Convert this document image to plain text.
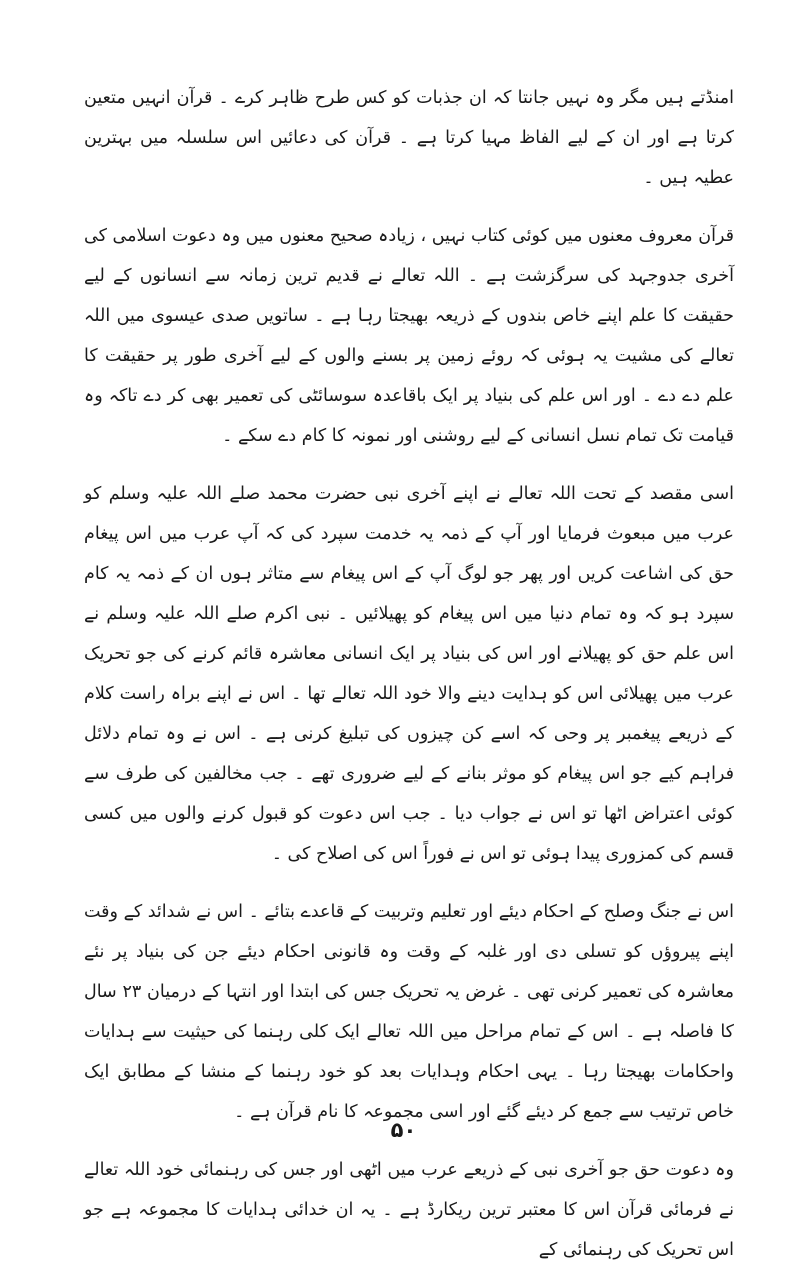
امنڈتے ہیں مگر وہ نہیں جانتا کہ ان جذبات کو کس طرح ظاہر کرے ۔ قرآن انہیں متعین کرتا ہے اور ان کے لیے الفاظ مہیا کرتا ہے ۔ قرآن کی دعائیں اس سلسلہ میں بہترین عطیہ ہیں ۔

قرآن معروف معنوں میں کوئی کتاب نہیں ، زیادہ صحیح معنوں میں وہ دعوت اسلامی کی آخری جدوجہد کی سرگزشت ہے ۔ اللہ تعالے نے قدیم ترین زمانہ سے انسانوں کے لیے حقیقت کا علم اپنے خاص بندوں کے ذریعہ بھیجتا رہا ہے ۔ ساتویں صدی عیسوی میں اللہ تعالے کی مشیت یہ ہوئی کہ روئے زمین پر بسنے والوں کے لیے آخری طور پر حقیقت کا علم دے دے ۔ اور اس علم کی بنیاد پر ایک باقاعدہ سوسائٹی کی تعمیر بھی کر دے تاکہ وہ قیامت تک تمام نسل انسانی کے لیے روشنی اور نمونہ کا کام دے سکے ۔

اسی مقصد کے تحت اللہ تعالے نے اپنے آخری نبی حضرت محمد صلے اللہ علیہ وسلم کو عرب میں مبعوث فرمایا اور آپ کے ذمہ یہ خدمت سپرد کی کہ آپ عرب میں اس پیغام حق کی اشاعت کریں اور پھر جو لوگ آپ کے اس پیغام سے متاثر ہوں ان کے ذمہ یہ کام سپرد ہو کہ وہ تمام دنیا میں اس پیغام کو پھیلائیں ۔ نبی اکرم صلے اللہ علیہ وسلم نے اس علم حق کو پھیلانے اور اس کی بنیاد پر ایک انسانی معاشرہ قائم کرنے کی جو تحریک عرب میں پھیلائی اس کو ہدایت دینے والا خود اللہ تعالے تھا ۔ اس نے اپنے براہ راست کلام کے ذریعے پیغمبر پر وحی کہ اسے کن چیزوں کی تبلیغ کرنی ہے ۔ اس نے وہ تمام دلائل فراہم کیے جو اس پیغام کو موثر بنانے کے لیے ضروری تھے ۔ جب مخالفین کی طرف سے کوئی اعتراض اٹھا تو اس نے جواب دیا ۔ جب اس دعوت کو قبول کرنے والوں میں کسی قسم کی کمزوری پیدا ہوئی تو اس نے فوراً اس کی اصلاح کی ۔

اس نے جنگ وصلح کے احکام دیئے اور تعلیم وتربیت کے قاعدے بتائے ۔ اس نے شدائد کے وقت اپنے پیروؤں کو تسلی دی اور غلبہ کے وقت وہ قانونی احکام دیئے جن کی بنیاد پر نئے معاشرہ کی تعمیر کرنی تھی ۔ غرض یہ تحریک جس کی ابتدا اور انتہا کے درمیان ۲۳ سال کا فاصلہ ہے ۔ اس کے تمام مراحل میں اللہ تعالے ایک کلی رہنما کی حیثیت سے ہدایات واحکامات بھیجتا رہا ۔ یہی احکام وہدایات بعد کو خود رہنما کے منشا کے مطابق ایک خاص ترتیب سے جمع کر دیئے گئے اور اسی مجموعہ کا نام قرآن ہے ۔

وہ دعوت حق جو آخری نبی کے ذریعے عرب میں اٹھی اور جس کی رہنمائی خود اللہ تعالے نے فرمائی قرآن اس کا معتبر ترین ریکارڈ ہے ۔ یہ ان خدائی ہدایات کا مجموعہ ہے جو اس تحریک کی رہنمائی کے

۵۰
